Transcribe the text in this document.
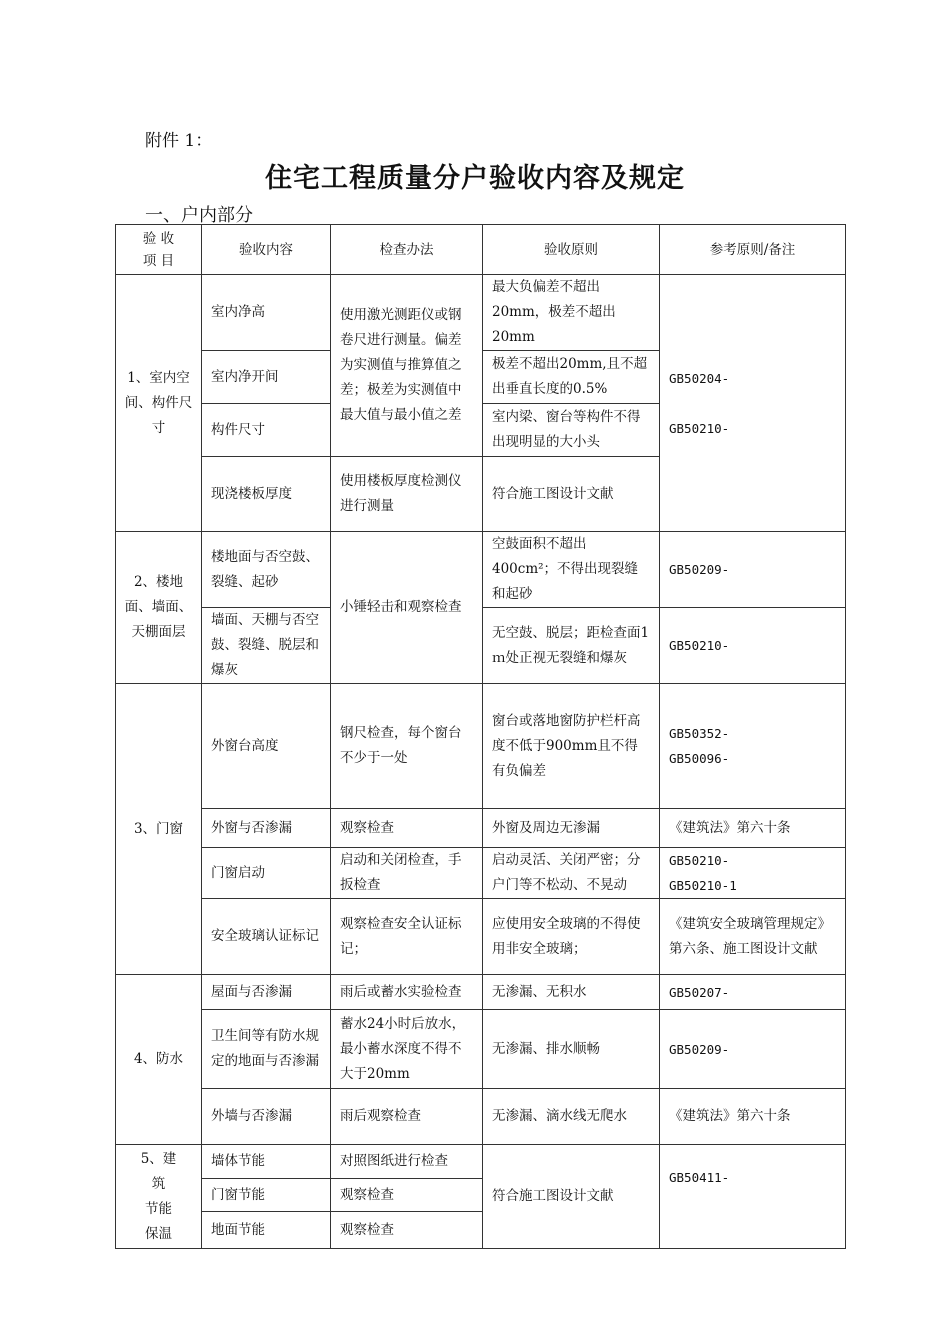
附件 1：
住宅工程质量分户验收内容及规定
一、户内部分
验 收
项 目	验收内容	检查办法	验收原则	参考原则/备注
1、室内空间、构件尺寸	室内净高	使用激光测距仪或钢卷尺进行测量。偏差为实测值与推算值之差；极差为实测值中最大值与最小值之差	最大负偏差不超出20mm，极差不超出20mm	GB50204-

GB50210-
	室内净开间		极差不超出20mm,且不超出垂直长度的0.5%	
	构件尺寸		室内梁、窗台等构件不得出现明显的大小头	
	现浇楼板厚度	使用楼板厚度检测仪进行测量	符合施工图设计文献	
2、楼地面、墙面、天棚面层	楼地面与否空鼓、裂缝、起砂	小锤轻击和观察检查	空鼓面积不超出400cm²；不得出现裂缝和起砂	GB50209-
	墙面、天棚与否空鼓、裂缝、脱层和爆灰		无空鼓、脱层；距检查面1ｍ处正视无裂缝和爆灰	GB50210-
3、门窗	外窗台高度	钢尺检查，每个窗台不少于一处	窗台或落地窗防护栏杆高度不低于900mm且不得有负偏差	GB50352-
GB50096-
	外窗与否渗漏	观察检查	外窗及周边无渗漏	《建筑法》第六十条
	门窗启动	启动和关闭检查，手扳检查	启动灵活、关闭严密；分户门等不松动、不晃动	GB50210-
GB50210-1
	安全玻璃认证标记	观察检查安全认证标记；	应使用安全玻璃的不得使用非安全玻璃；	《建筑安全玻璃管理规定》第六条、施工图设计文献
4、防水	屋面与否渗漏	雨后或蓄水实验检查	无渗漏、无积水	GB50207-
	卫生间等有防水规定的地面与否渗漏	蓄水24小时后放水，最小蓄水深度不得不大于20mm	无渗漏、排水顺畅	GB50209-
	外墙与否渗漏	雨后观察检查	无渗漏、滴水线无爬水	《建筑法》第六十条
5、建
筑
节能
保温	墙体节能	对照图纸进行检查	符合施工图设计文献	GB50411-
	门窗节能	观察检查		
	地面节能	观察检查		
